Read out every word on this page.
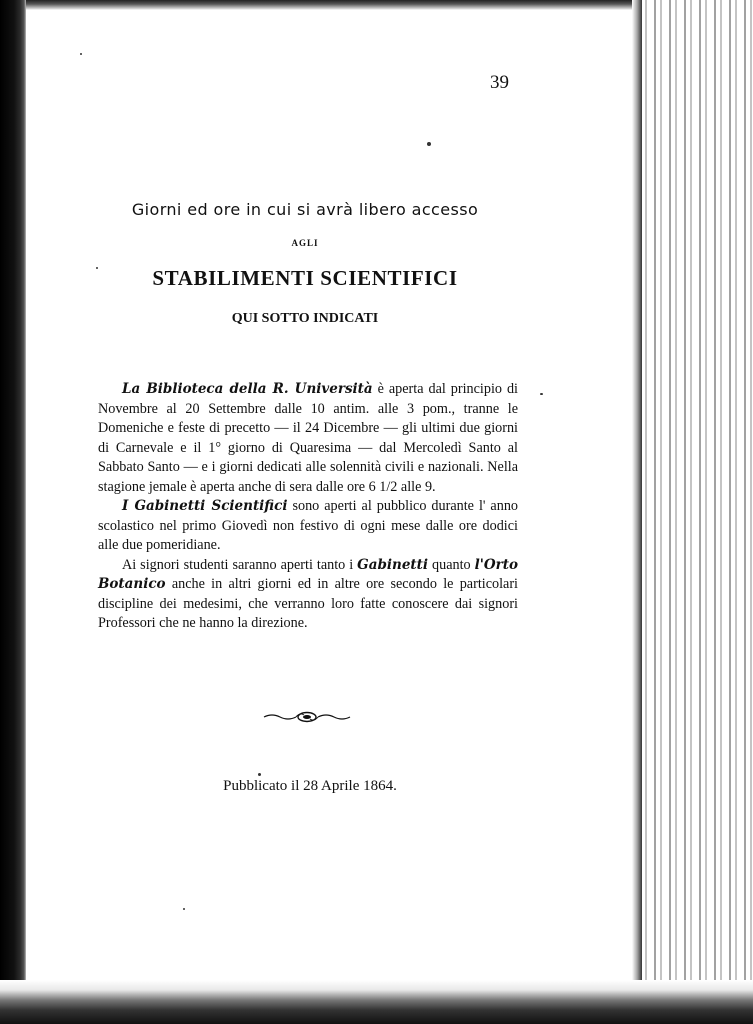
39
Giorni ed ore in cui si avrà libero accesso
AGLI
STABILIMENTI SCIENTIFICI
QUI SOTTO INDICATI

La Biblioteca della R. Università è aperta dal principio di Novembre al 20 Settembre dalle 10 antim. alle 3 pom., tranne le Domeniche e feste di precetto — il 24 Dicembre — gli ultimi due giorni di Carnevale e il 1° giorno di Quaresima — dal Mercoledì Santo al Sabbato Santo — e i giorni dedicati alle solennità civili e nazionali. Nella stagione jemale è aperta anche di sera dalle ore 6 1/2 alle 9.

I Gabinetti Scientifici sono aperti al pubblico durante l' anno scolastico nel primo Giovedì non festivo di ogni mese dalle ore dodici alle due pomeridiane.

Ai signori studenti saranno aperti tanto i Gabinetti quanto l'Orto Botanico anche in altri giorni ed in altre ore secondo le particolari discipline dei medesimi, che verranno loro fatte conoscere dai signori Professori che ne hanno la direzione.

Pubblicato il 28 Aprile 1864.
